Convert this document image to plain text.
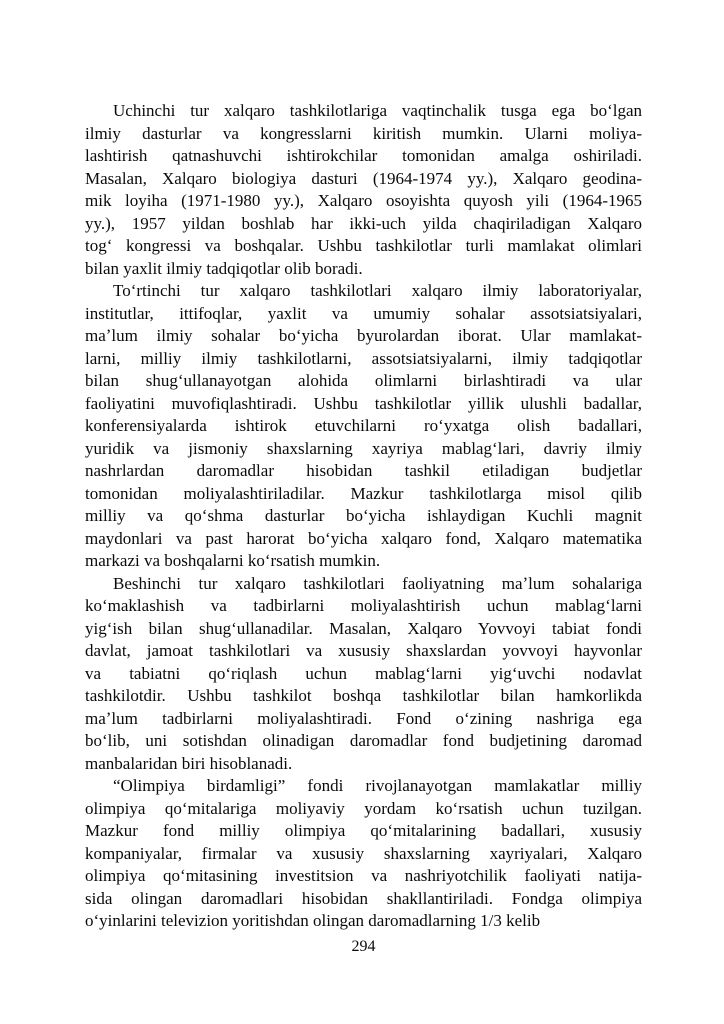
Uchinchi tur xalqaro tashkilotlariga vaqtinchalik tusga ega boʻlgan
ilmiy dasturlar va kongresslarni kiritish mumkin. Ularni moliya-
lashtirish qatnashuvchi ishtirokchilar tomonidan amalga oshiriladi.
Masalan, Xalqaro biologiya dasturi (1964-1974 yy.), Xalqaro geodina-
mik loyiha (1971-1980 yy.), Xalqaro osoyishta quyosh yili (1964-1965
yy.), 1957 yildan boshlab har ikki-uch yilda chaqiriladigan Xalqaro
togʻ kongressi va boshqalar. Ushbu tashkilotlar turli mamlakat olimlari
bilan yaxlit ilmiy tadqiqotlar olib boradi.

Toʻrtinchi tur xalqaro tashkilotlari xalqaro ilmiy laboratoriyalar,
institutlar, ittifoqlar, yaxlit va umumiy sohalar assotsiatsiyalari,
maʼlum ilmiy sohalar boʻyicha byurolardan iborat. Ular mamlakat-
larni, milliy ilmiy tashkilotlarni, assotsiatsiyalarni, ilmiy tadqiqotlar
bilan shugʻullanayotgan alohida olimlarni birlashtiradi va ular
faoliyatini muvofiqlashtiradi. Ushbu tashkilotlar yillik ulushli badallar,
konferensiyalarda ishtirok etuvchilarni roʻyxatga olish badallari,
yuridik va jismoniy shaxslarning xayriya mablagʻlari, davriy ilmiy
nashrlardan daromadlar hisobidan tashkil etiladigan budjetlar
tomonidan moliyalashtiriladilar. Mazkur tashkilotlarga misol qilib
milliy va qoʻshma dasturlar boʻyicha ishlaydigan Kuchli magnit
maydonlari va past harorat boʻyicha xalqaro fond, Xalqaro matematika
markazi va boshqalarni koʻrsatish mumkin.

Beshinchi tur xalqaro tashkilotlari faoliyatning maʼlum sohalariga
koʻmaklashish va tadbirlarni moliyalashtirish uchun mablagʻlarni
yigʻish bilan shugʻullanadilar. Masalan, Xalqaro Yovvoyi tabiat fondi
davlat, jamoat tashkilotlari va xususiy shaxslardan yovvoyi hayvonlar
va tabiatni qoʻriqlash uchun mablagʻlarni yigʻuvchi nodavlat
tashkilotdir. Ushbu tashkilot boshqa tashkilotlar bilan hamkorlikda
maʼlum tadbirlarni moliyalashtiradi. Fond oʻzining nashriga ega
boʻlib, uni sotishdan olinadigan daromadlar fond budjetining daromad
manbalaridan biri hisoblanadi.

“Olimpiya birdamligi” fondi rivojlanayotgan mamlakatlar milliy
olimpiya qoʻmitalariga moliyaviy yordam koʻrsatish uchun tuzilgan.
Mazkur fond milliy olimpiya qoʻmitalarining badallari, xususiy
kompaniyalar, firmalar va xususiy shaxslarning xayriyalari, Xalqaro
olimpiya qoʻmitasining investitsion va nashriyotchilik faoliyati natija-
sida olingan daromadlari hisobidan shakllantiriladi. Fondga olimpiya
oʻyinlarini televizion yoritishdan olingan daromadlarning 1/3 kelib

294
